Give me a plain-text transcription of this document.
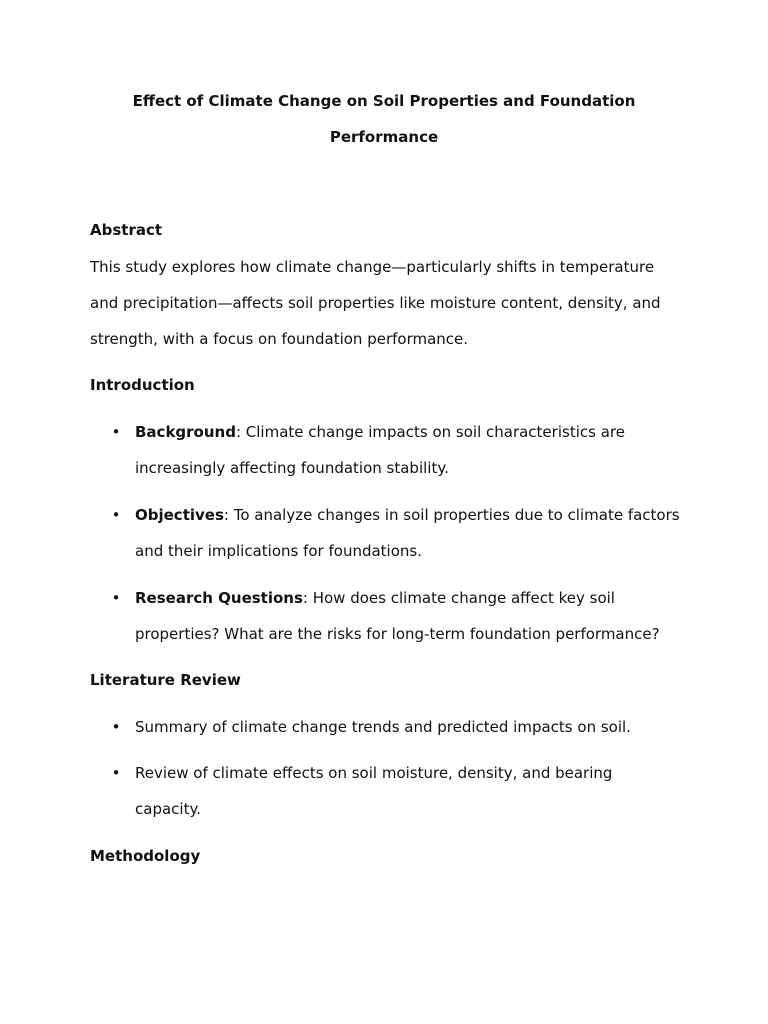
Effect of Climate Change on Soil Properties and Foundation Performance
Abstract
This study explores how climate change—particularly shifts in temperature and precipitation—affects soil properties like moisture content, density, and strength, with a focus on foundation performance.
Introduction
• Background: Climate change impacts on soil characteristics are increasingly affecting foundation stability.
• Objectives: To analyze changes in soil properties due to climate factors and their implications for foundations.
• Research Questions: How does climate change affect key soil properties? What are the risks for long-term foundation performance?
Literature Review
• Summary of climate change trends and predicted impacts on soil.
• Review of climate effects on soil moisture, density, and bearing capacity.
Methodology
